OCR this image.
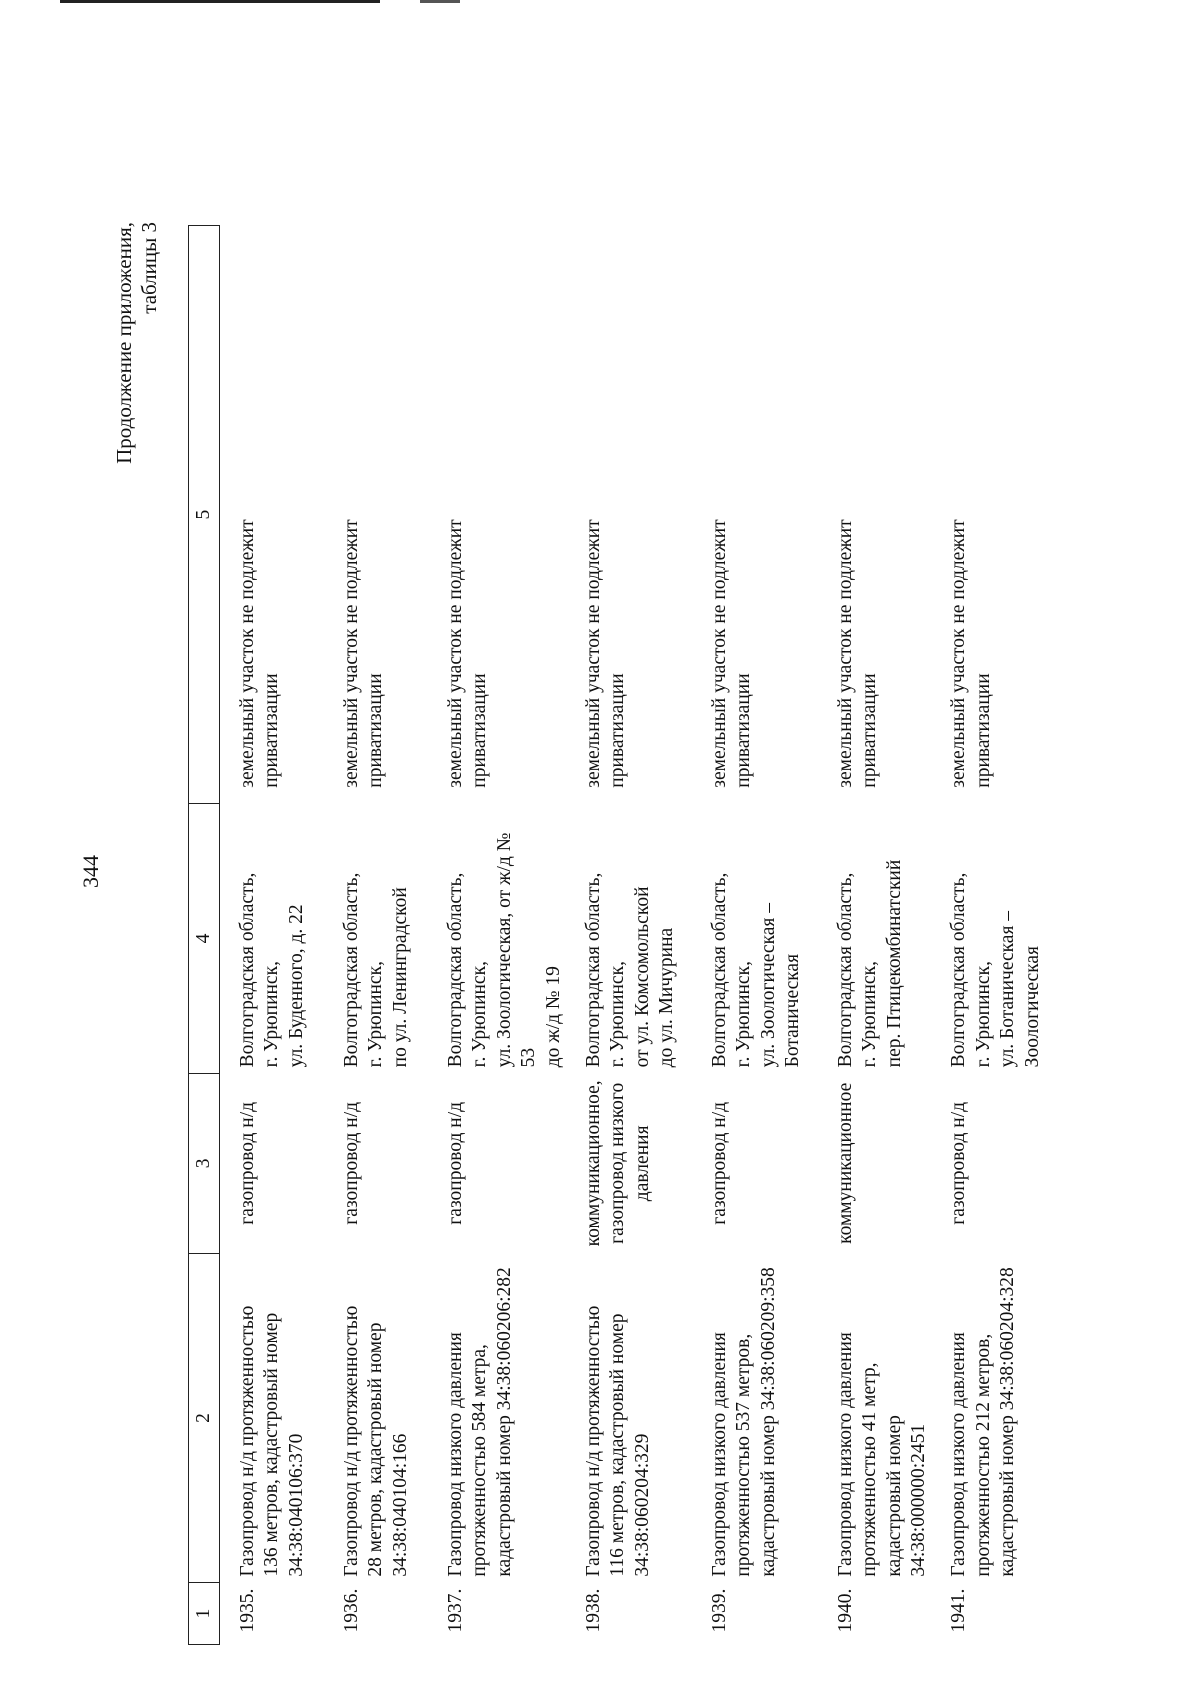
344
Продолжение приложения,
таблицы 3
1	2	3	4	5
1935.	Газопровод н/д протяженностью
136 метров, кадастровый номер
34:38:040106:370	газопровод н/д	Волгоградская область,
г. Урюпинск,
ул. Буденного, д. 22	земельный участок не подлежит
приватизации
1936.	Газопровод н/д протяженностью
28 метров, кадастровый номер
34:38:040104:166	газопровод н/д	Волгоградская область,
г. Урюпинск,
по ул. Ленинградской	земельный участок не подлежит
приватизации
1937.	Газопровод низкого давления
протяженностью 584 метра,
кадастровый номер 34:38:060206:282	газопровод н/д	Волгоградская область,
г. Урюпинск,
ул. Зоологическая, от ж/д № 53
до ж/д № 19	земельный участок не подлежит
приватизации
1938.	Газопровод н/д протяженностью
116 метров, кадастровый номер
34:38:060204:329	коммуникационное,
газопровод низкого
давления	Волгоградская область,
г. Урюпинск,
от ул. Комсомольской
до ул. Мичурина	земельный участок не подлежит
приватизации
1939.	Газопровод низкого давления
протяженностью 537 метров,
кадастровый номер 34:38:060209:358	газопровод н/д	Волгоградская область,
г. Урюпинск,
ул. Зоологическая –
Ботаническая	земельный участок не подлежит
приватизации
1940.	Газопровод низкого давления
протяженностью 41 метр,
кадастровый номер 34:38:000000:2451	коммуникационное	Волгоградская область,
г. Урюпинск,
пер. Птицекомбинатский	земельный участок не подлежит
приватизации
1941.	Газопровод низкого давления
протяженностью 212 метров,
кадастровый номер 34:38:060204:328	газопровод н/д	Волгоградская область,
г. Урюпинск,
ул. Ботаническая –
Зоологическая	земельный участок не подлежит
приватизации
